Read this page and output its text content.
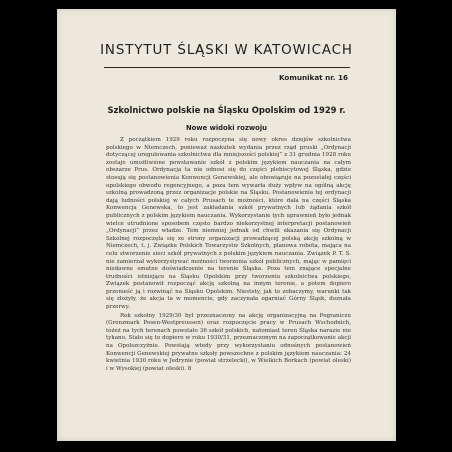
INSTYTUT ŚLĄSKI W KATOWICACH
Komunikat nr. 16
Szkolnictwo polskie na Śląsku Opolskim od 1929 r.
Nowe widoki rozwoju

Z początkiem 1929 roku rozpoczyna się nowy okres dziejów szkolnictwa polskiego w Niemczech, ponieważ naskutek wydania przez rząd pruski „Ordynacji dotyczącej uregulowania szkolnictwa dla mniejszości polskiej” z 31 grudnia 1928 roku zostaje umożliwione powstawanie szkół z polskim językiem nauczania na całym obszarze Prus. Ordynacja ta nie odnosi się do części plebiscytowej Śląska, gdzie stosują się postanowienia Konwencji Genewskiej, ale obowiązuje na pozostałej części opolskiego obwodu regencyjnego, a poza tem wywarła duży wpływ na ogólną akcję szkolną prowadzoną przez organizacje polskie na Śląsku. Postanowienia tej ordynacji dają ludności polskiej w całych Prusach te możności, które dała na części Śląska Konwencja Genewska, to jest zakładania szkół prywatnych lub żądania szkół publicznych z polskim językiem nauczania. Wykorzystanie tych uprawnień było jednak wielce utrudnione sposobem często bardzo niekorzystnej interpretacji postanowień „Ordynacji” przez władze. Tem niemniej jednak od chwili ukazania się Ordynacji Szkolnej rozpoczęła się ze strony organizacji prowadzącej polską akcję szkolną w Niemczech, t. j. Związku Polskich Towarzystw Szkolnych, planowa robota, mająca na celu stworzenie sieci szkół prywatnych z polskim językiem nauczania. Związek P. T. S. nie zamierzał wykorzystywać możności tworzenia szkół publicznych, mając w pamięci niedawne smutne doświadczenie na terenie Śląska. Poza tem znające specjalne trudności istniejące na Śląsku Opolskim przy tworzeniu szkolnictwa polskiego, Związek postanowił rozpocząć akcję szkolną na innym terenie, a potem dopiero przenieść ją i rozwinąć na Śląsku Opolskim. Niestety, jak to zobaczymy, warunki tak się złożyły, że akcja ta w momencie, gdy zaczynała ogarniać Górny Śląsk, doznała przerwy.

Rok szkolny 1929/30 był przeznaczony na akcję organizacyjną na Pograniczu (Grenzmark Posen-Westpreussen) oraz rozpoczęcie pracy w Prusach Wschodnich, tożeż na tych terenach powstało 36 szkół polskich, natomiast teren Śląska narazie nie tykano. Stało się to dopiero w roku 1930/31, przeznaczonym na zapoczątkowanie akcji na Opolszczyźnie. Powstają wtedy przy wykorzystaniu odnośnych postanowień Konwencji Genewskiej prywatne szkoły powszechne z polskim językiem nauczania: 24 kwietnia 1930 roku w Jedrynie (powiat strzelecki), w Wielkich Borkach (powiat oleski) i w Wysokiej (powiat oleski). 8
